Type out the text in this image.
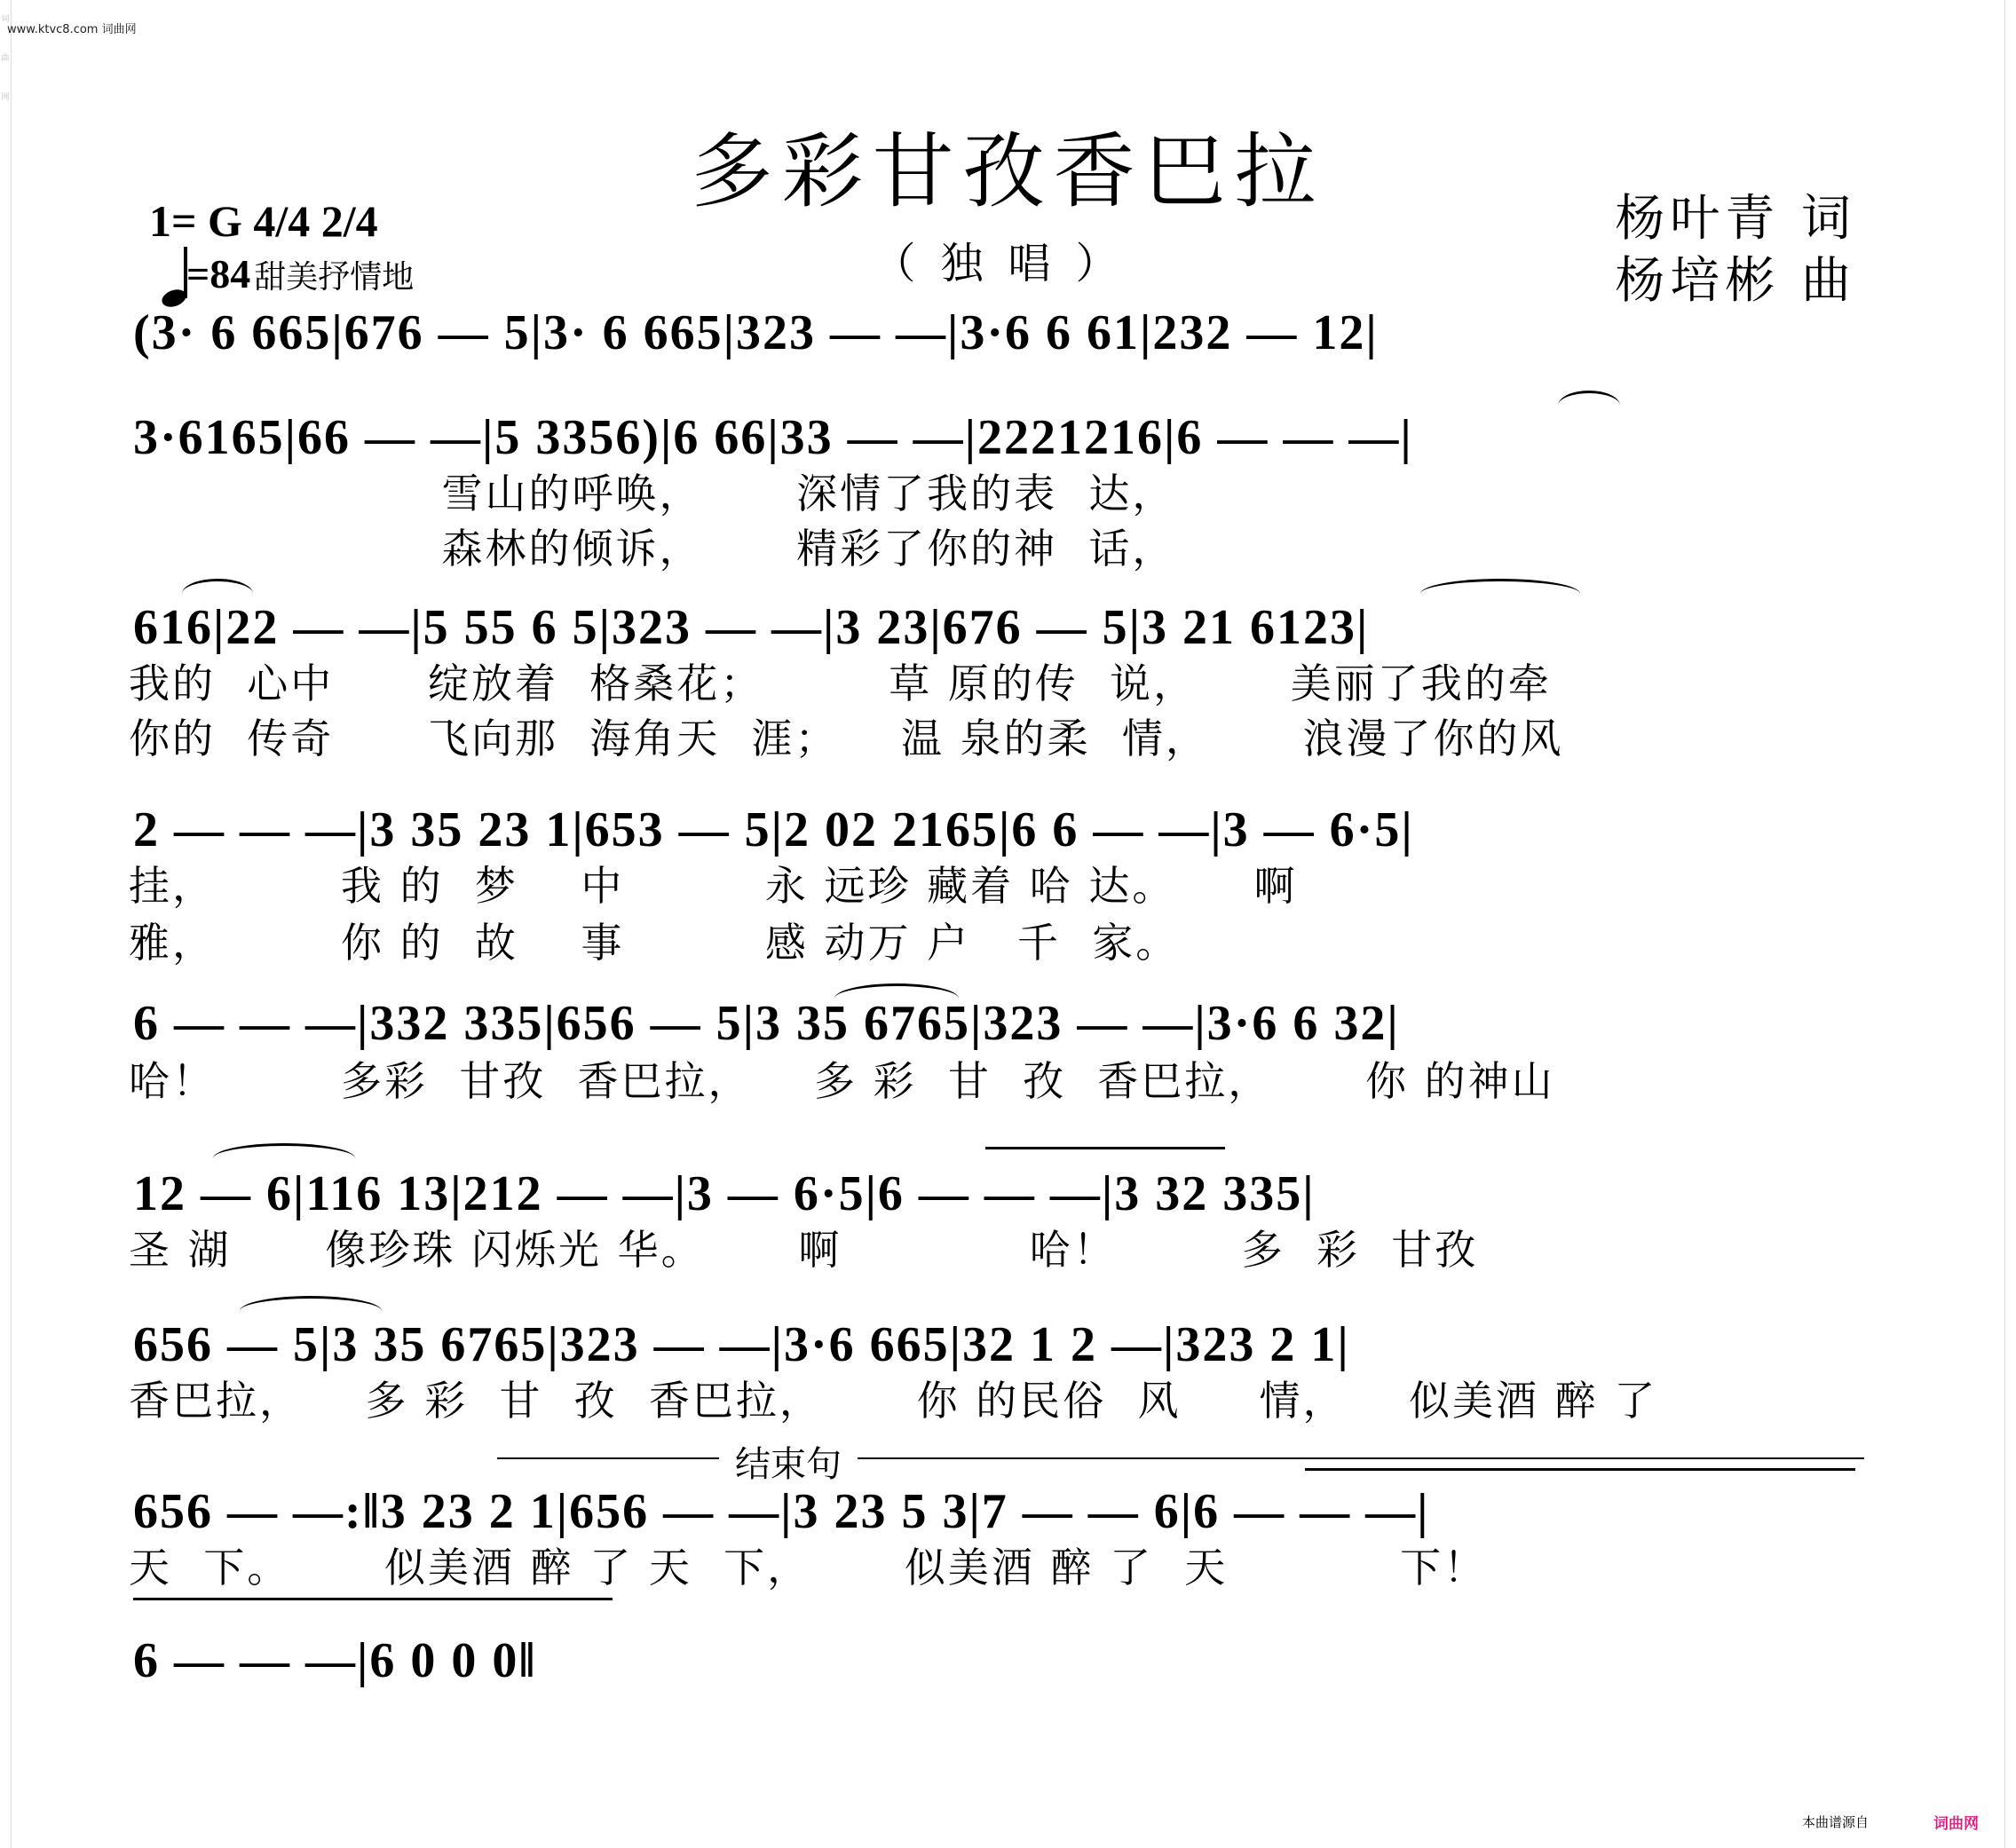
词
曲
网
www.ktvc8.com 词曲网
多彩甘孜香巴拉
（独唱）
1= G 4/4 2/4
=84 甜美抒情地
杨叶青 词
杨培彬 曲
(3· 6 665|676 — 5|3· 6 665|323 — —|3·6 6 61|232 — 12|
3·6165|66 — —|5 3356)|6 66|33 — —|2221216|6 — — —|
雪山的呼唤，      深情了我的表  达，
森林的倾诉，      精彩了你的神  话，
616|22 — —|5 55 6 5|323 — —|3 23|676 — 5|3 21 6123|
我的  心中      绽放着  格桑花；        草 原的传  说，      美丽了我的牵
你的  传奇      飞向那  海角天  涯；    温 泉的柔  情，      浪漫了你的风
2 — — —|3 35 23 1|653 — 5|2 02 2165|6 6 — —|3 — 6·5|
挂，        我 的  梦    中         永 远珍 藏着 哈 达。     啊
雅，        你 的  故    事         感 动万 户   千  家。
6 — — —|332 335|656 — 5|3 35 6765|323 — —|3·6 6 32|
哈！        多彩  甘孜  香巴拉，    多 彩  甘  孜  香巴拉，      你 的神山
12 — 6|116 13|212 — —|3 — 6·5|6 — — —|3 32 335|
圣 湖      像珍珠 闪烁光 华。      啊            哈！        多  彩  甘孜
656 — 5|3 35 6765|323 — —|3·6 665|32 1 2 —|323 2 1|
香巴拉，    多 彩  甘  孜  香巴拉，      你 的民俗  风     情，    似美酒 醉 了
结束句
656 — —:‖3 23 2 1|656 — —|3 23 5 3|7 — — 6|6 — — —|
天  下。      似美酒 醉 了 天  下，      似美酒 醉 了  天           下！
6 — — —|6 0 0 0‖
本曲谱源自	词曲网
